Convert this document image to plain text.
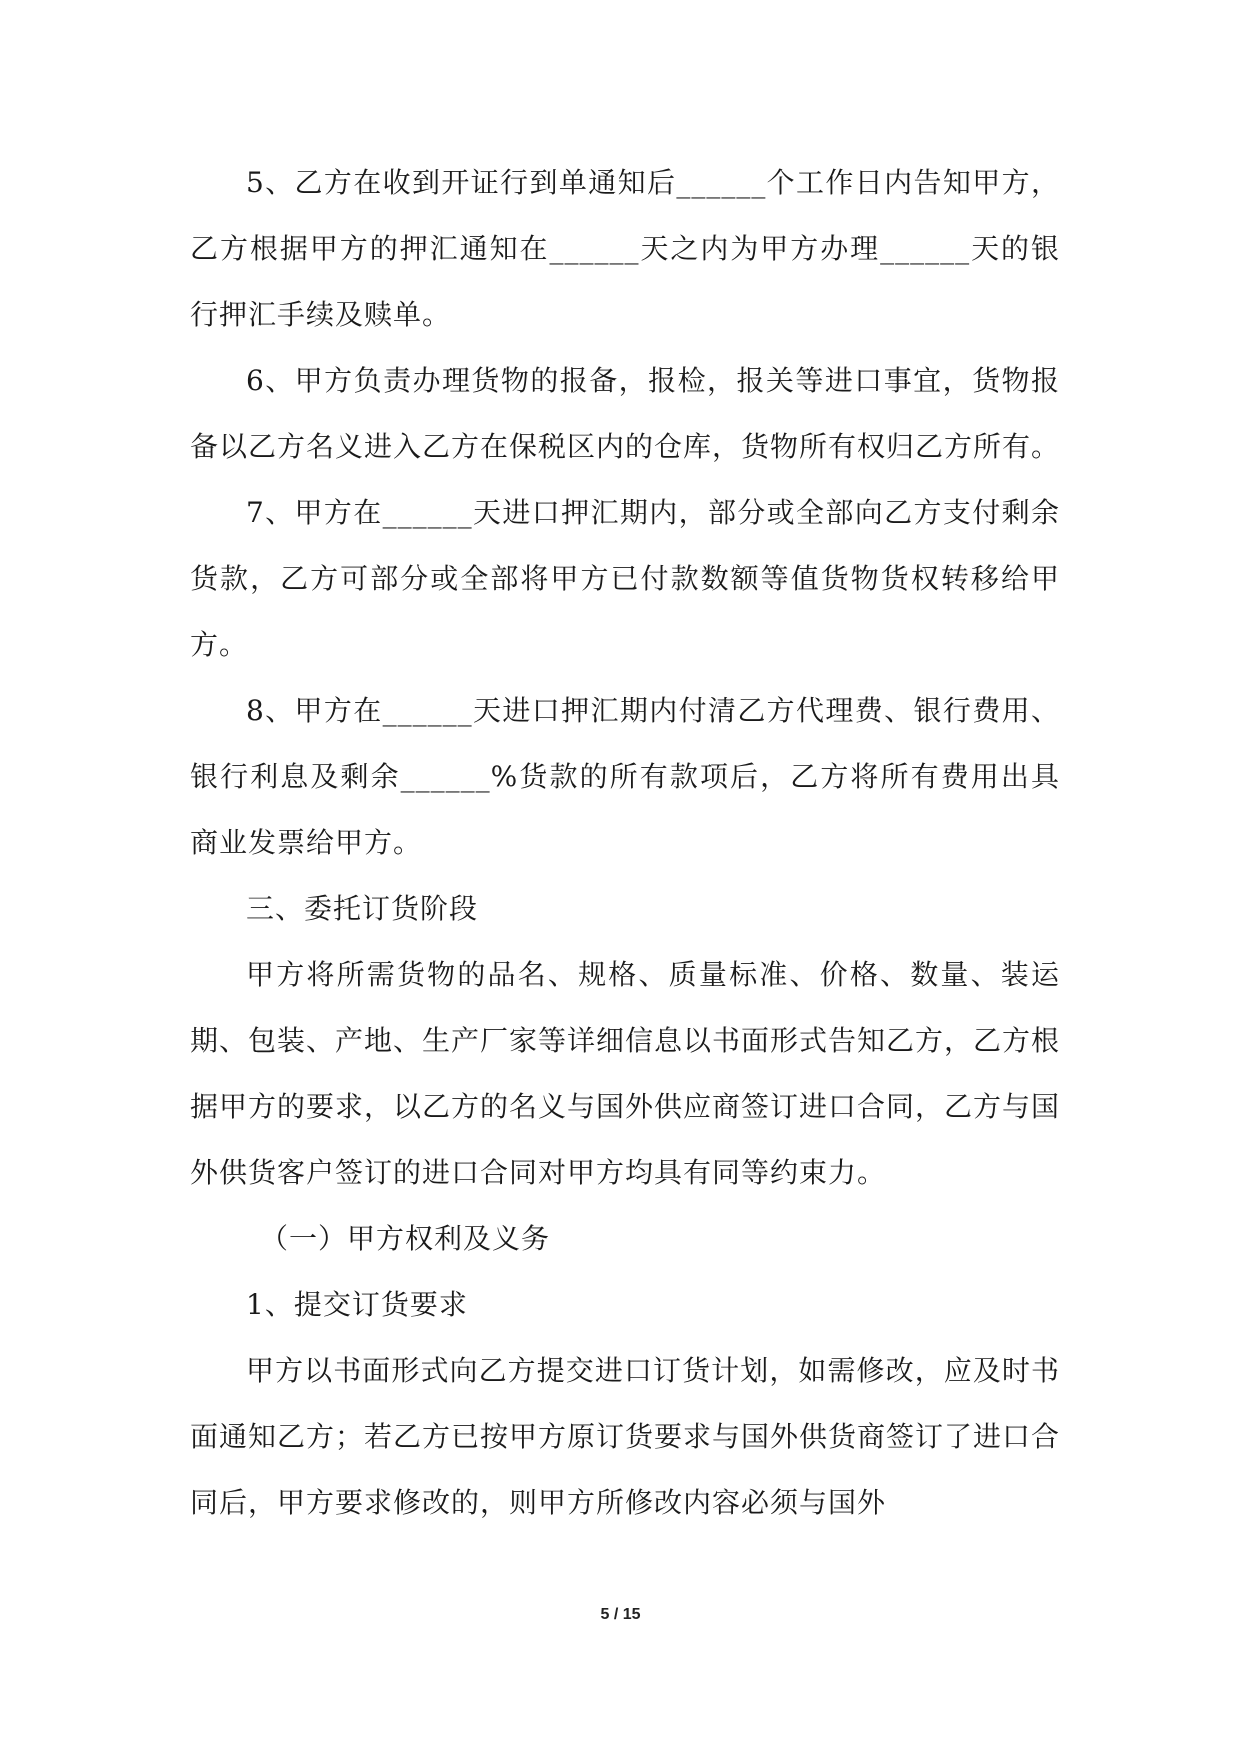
5、乙方在收到开证行到单通知后______个工作日内告知甲方，乙方根据甲方的押汇通知在______天之内为甲方办理______天的银行押汇手续及赎单。

6、甲方负责办理货物的报备，报检，报关等进口事宜，货物报备以乙方名义进入乙方在保税区内的仓库，货物所有权归乙方所有。

7、甲方在______天进口押汇期内，部分或全部向乙方支付剩余货款，乙方可部分或全部将甲方已付款数额等值货物货权转移给甲方。

8、甲方在______天进口押汇期内付清乙方代理费、银行费用、银行利息及剩余______%货款的所有款项后，乙方将所有费用出具商业发票给甲方。

三、委托订货阶段

甲方将所需货物的品名、规格、质量标准、价格、数量、装运期、包装、产地、生产厂家等详细信息以书面形式告知乙方，乙方根据甲方的要求，以乙方的名义与国外供应商签订进口合同，乙方与国外供货客户签订的进口合同对甲方均具有同等约束力。

（一）甲方权利及义务

1、提交订货要求

甲方以书面形式向乙方提交进口订货计划，如需修改，应及时书面通知乙方；若乙方已按甲方原订货要求与国外供货商签订了进口合同后，甲方要求修改的，则甲方所修改内容必须与国外

5 / 15
